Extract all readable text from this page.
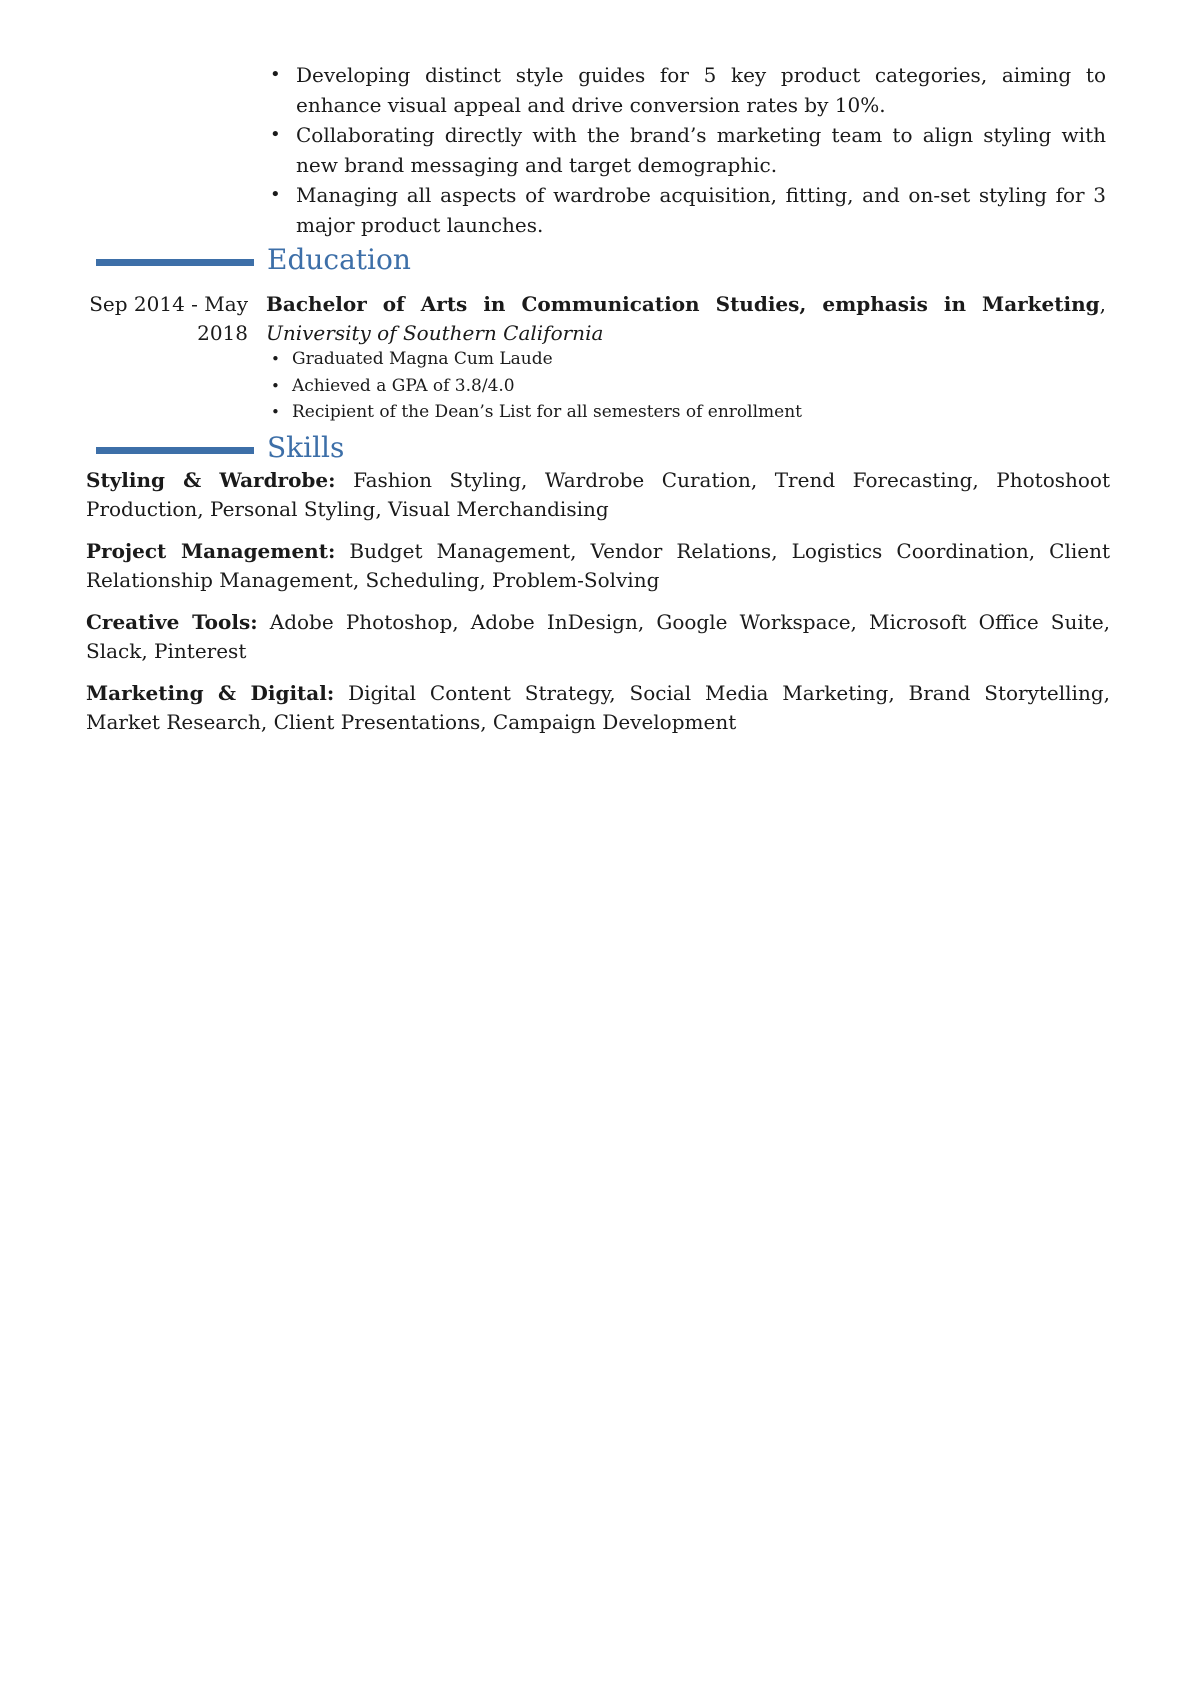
• Developing distinct style guides for 5 key product categories, aiming to enhance visual appeal and drive conversion rates by 10%.
• Collaborating directly with the brand’s marketing team to align styling with new brand messaging and target demographic.
• Managing all aspects of wardrobe acquisition, fitting, and on-set styling for 3 major product launches.
Education
Sep 2014 - May 2018
Bachelor of Arts in Communication Studies, emphasis in Marketing, University of Southern California
• Graduated Magna Cum Laude
• Achieved a GPA of 3.8/4.0
• Recipient of the Dean’s List for all semesters of enrollment
Skills
Styling & Wardrobe: Fashion Styling, Wardrobe Curation, Trend Forecasting, Photoshoot Production, Personal Styling, Visual Merchandising
Project Management: Budget Management, Vendor Relations, Logistics Coordination, Client Relationship Management, Scheduling, Problem-Solving
Creative Tools: Adobe Photoshop, Adobe InDesign, Google Workspace, Microsoft Office Suite, Slack, Pinterest
Marketing & Digital: Digital Content Strategy, Social Media Marketing, Brand Storytelling, Market Research, Client Presentations, Campaign Development
